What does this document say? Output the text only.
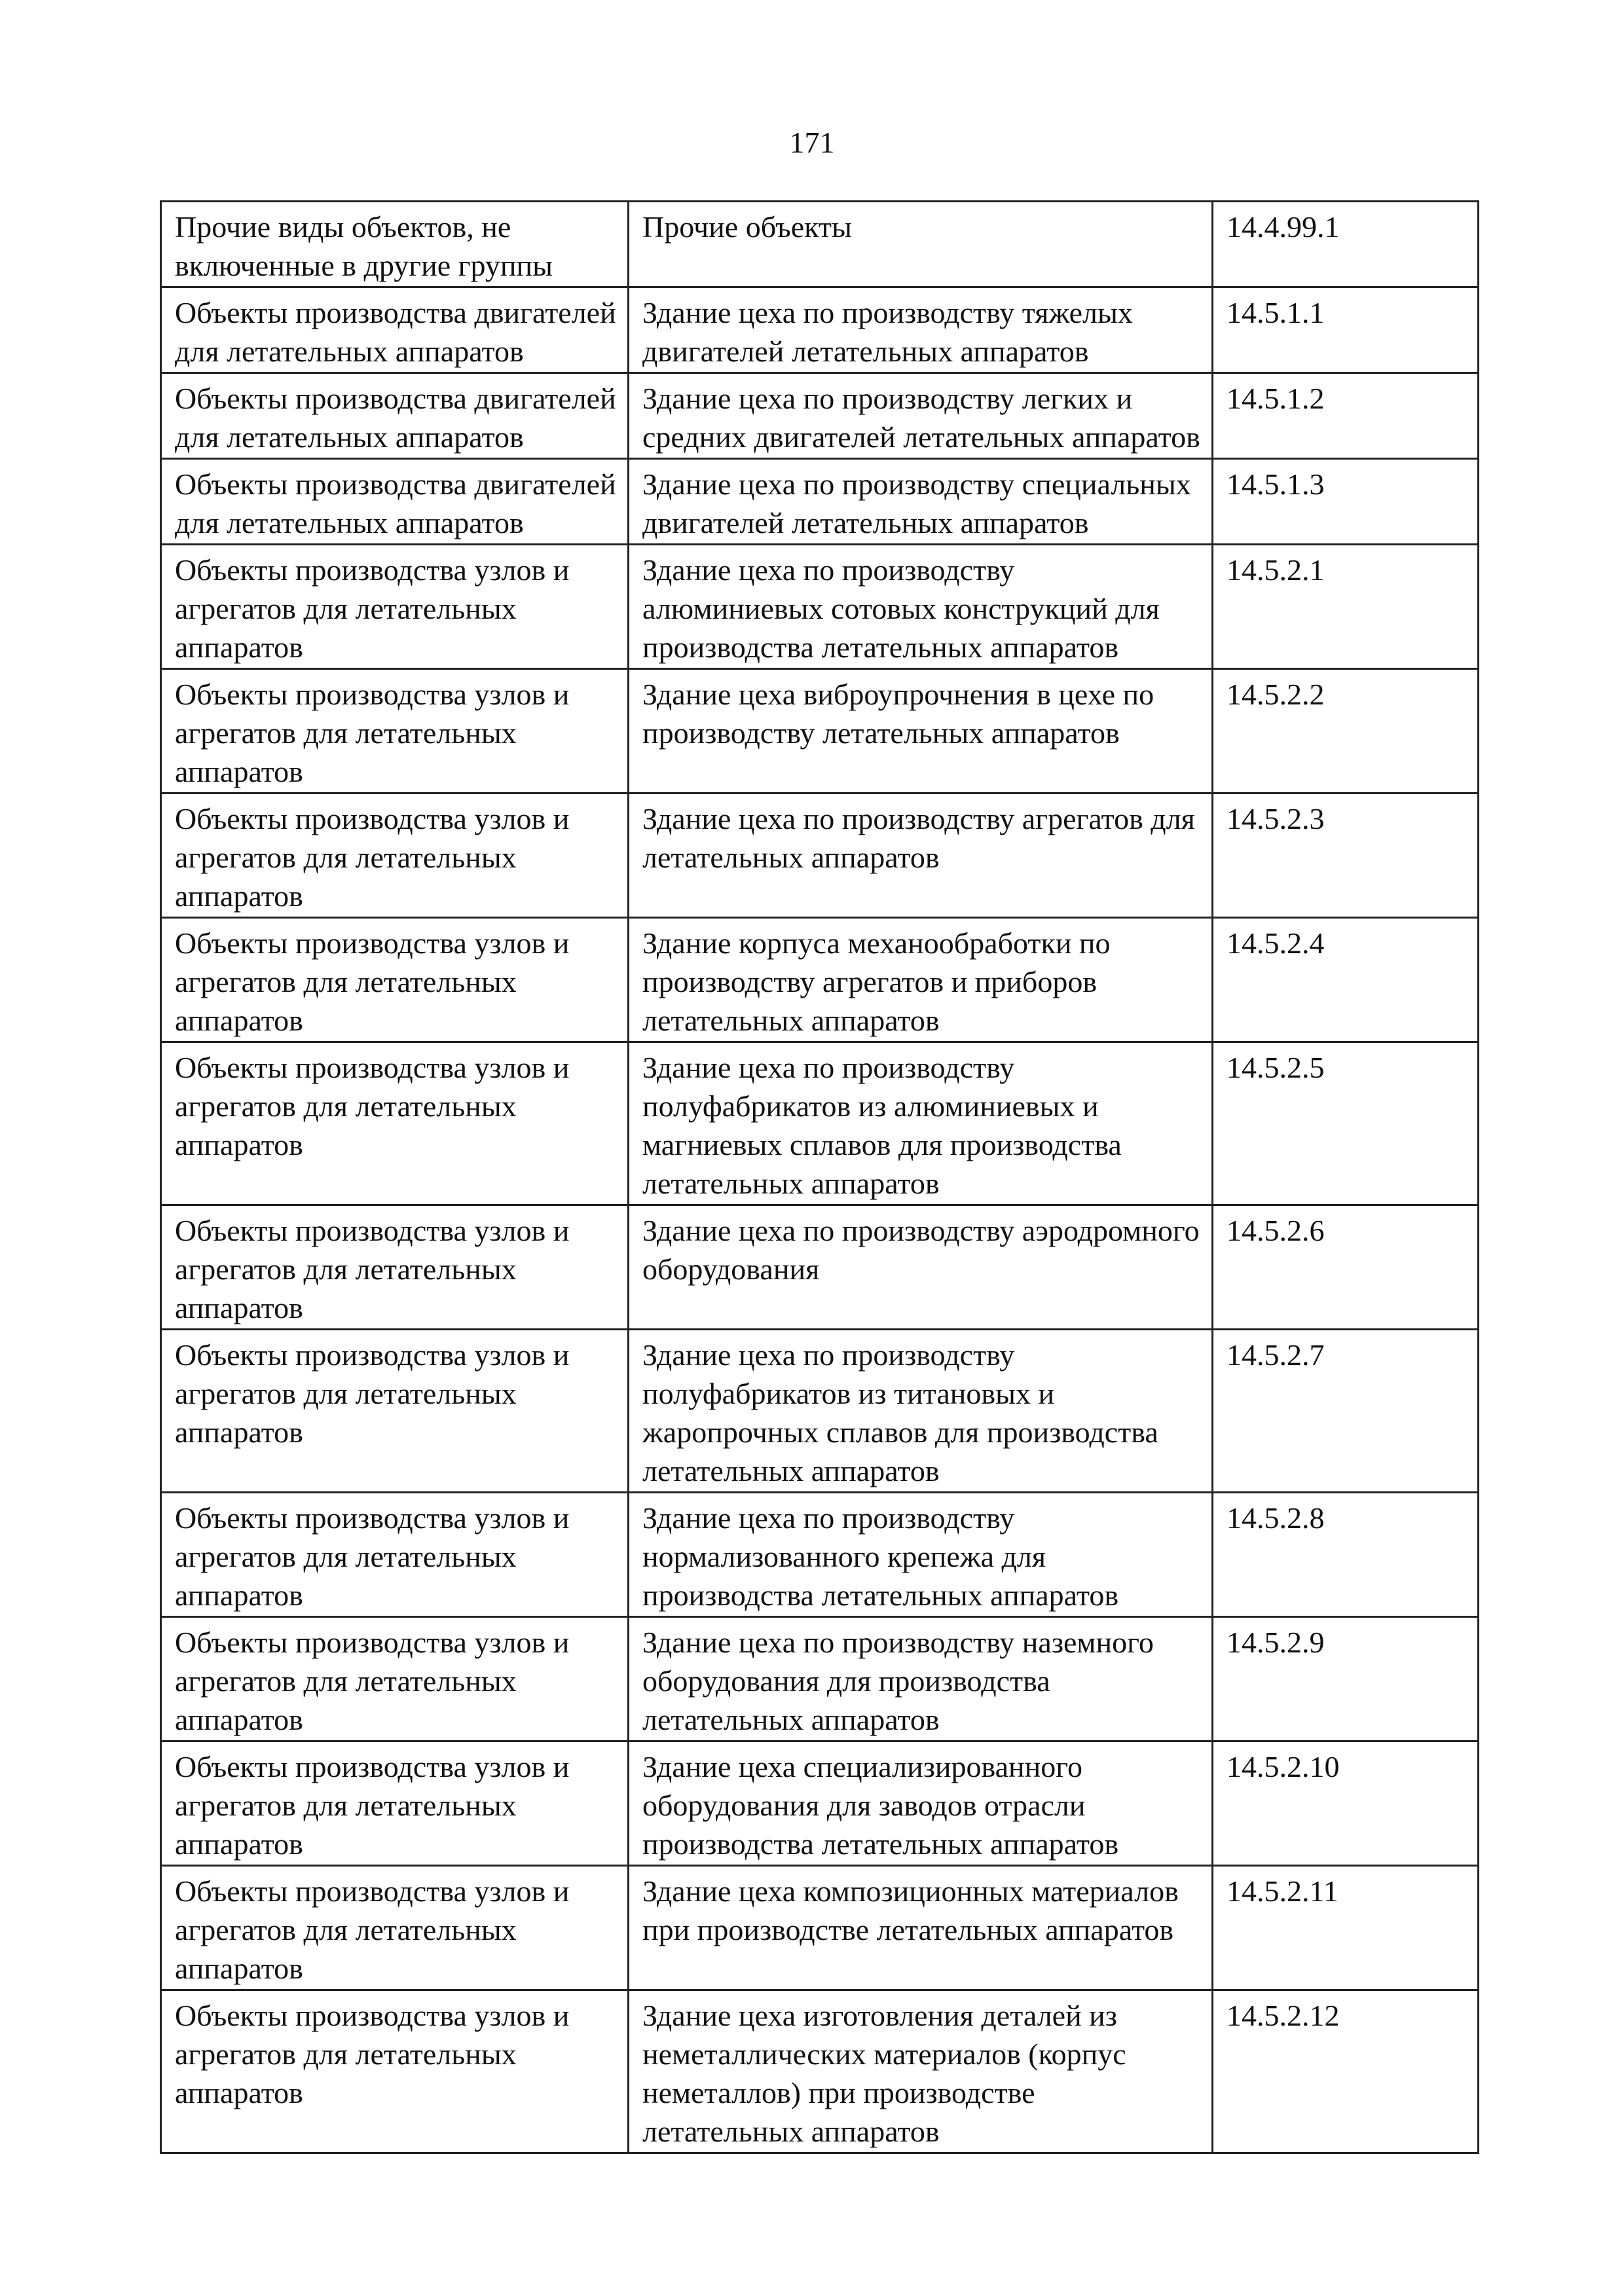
171
Прочие виды объектов, не включенные в другие группы	Прочие объекты	14.4.99.1
Объекты производства двигателей для летательных аппаратов	Здание цеха по производству тяжелых двигателей летательных аппаратов	14.5.1.1
Объекты производства двигателей для летательных аппаратов	Здание цеха по производству легких и средних двигателей летательных аппаратов	14.5.1.2
Объекты производства двигателей для летательных аппаратов	Здание цеха по производству специальных двигателей летательных аппаратов	14.5.1.3
Объекты производства узлов и агрегатов для летательных аппаратов	Здание цеха по производству алюминиевых сотовых конструкций для производства летательных аппаратов	14.5.2.1
Объекты производства узлов и агрегатов для летательных аппаратов	Здание цеха виброупрочнения в цехе по производству летательных аппаратов	14.5.2.2
Объекты производства узлов и агрегатов для летательных аппаратов	Здание цеха по производству агрегатов для летательных аппаратов	14.5.2.3
Объекты производства узлов и агрегатов для летательных аппаратов	Здание корпуса механообработки по производству агрегатов и приборов летательных аппаратов	14.5.2.4
Объекты производства узлов и агрегатов для летательных аппаратов	Здание цеха по производству полуфабрикатов из алюминиевых и магниевых сплавов для производства летательных аппаратов	14.5.2.5
Объекты производства узлов и агрегатов для летательных аппаратов	Здание цеха по производству аэродромного оборудования	14.5.2.6
Объекты производства узлов и агрегатов для летательных аппаратов	Здание цеха по производству полуфабрикатов из титановых и жаропрочных сплавов для производства летательных аппаратов	14.5.2.7
Объекты производства узлов и агрегатов для летательных аппаратов	Здание цеха по производству нормализованного крепежа для производства летательных аппаратов	14.5.2.8
Объекты производства узлов и агрегатов для летательных аппаратов	Здание цеха по производству наземного оборудования для производства летательных аппаратов	14.5.2.9
Объекты производства узлов и агрегатов для летательных аппаратов	Здание цеха специализированного оборудования для заводов отрасли производства летательных аппаратов	14.5.2.10
Объекты производства узлов и агрегатов для летательных аппаратов	Здание цеха композиционных материалов при производстве летательных аппаратов	14.5.2.11
Объекты производства узлов и агрегатов для летательных аппаратов	Здание цеха изготовления деталей из неметаллических материалов (корпус неметаллов) при производстве летательных аппаратов	14.5.2.12
